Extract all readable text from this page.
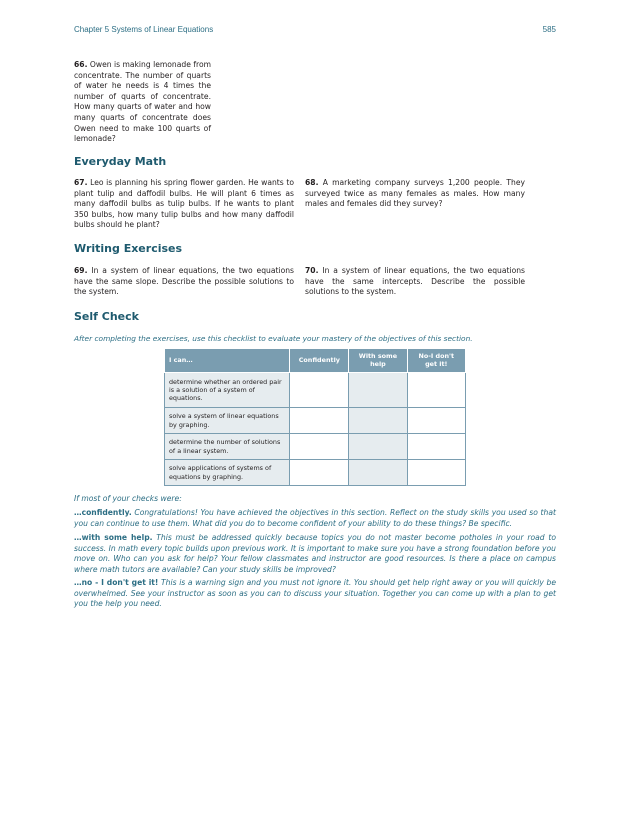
Chapter 5 Systems of Linear Equations	585
66. Owen is making lemonade from concentrate. The number of quarts of water he needs is 4 times the number of quarts of concentrate. How many quarts of water and how many quarts of concentrate does Owen need to make 100 quarts of lemonade?
Everyday Math
67. Leo is planning his spring flower garden. He wants to plant tulip and daffodil bulbs. He will plant 6 times as many daffodil bulbs as tulip bulbs. If he wants to plant 350 bulbs, how many tulip bulbs and how many daffodil bulbs should he plant?
68. A marketing company surveys 1,200 people. They surveyed twice as many females as males. How many males and females did they survey?
Writing Exercises
69. In a system of linear equations, the two equations have the same slope. Describe the possible solutions to the system.
70. In a system of linear equations, the two equations have the same intercepts. Describe the possible solutions to the system.
Self Check
After completing the exercises, use this checklist to evaluate your mastery of the objectives of this section.
I can…	Confidently	With some help	No-I don't get it!
determine whether an ordered pair is a solution of a system of equations.			
solve a system of linear equations by graphing.			
determine the number of solutions of a linear system.			
solve applications of systems of equations by graphing.			
If most of your checks were:
…confidently. Congratulations! You have achieved the objectives in this section. Reflect on the study skills you used so that you can continue to use them. What did you do to become confident of your ability to do these things? Be specific.
…with some help. This must be addressed quickly because topics you do not master become potholes in your road to success. In math every topic builds upon previous work. It is important to make sure you have a strong foundation before you move on. Who can you ask for help? Your fellow classmates and instructor are good resources. Is there a place on campus where math tutors are available? Can your study skills be improved?
…no - I don't get it! This is a warning sign and you must not ignore it. You should get help right away or you will quickly be overwhelmed. See your instructor as soon as you can to discuss your situation. Together you can come up with a plan to get you the help you need.
